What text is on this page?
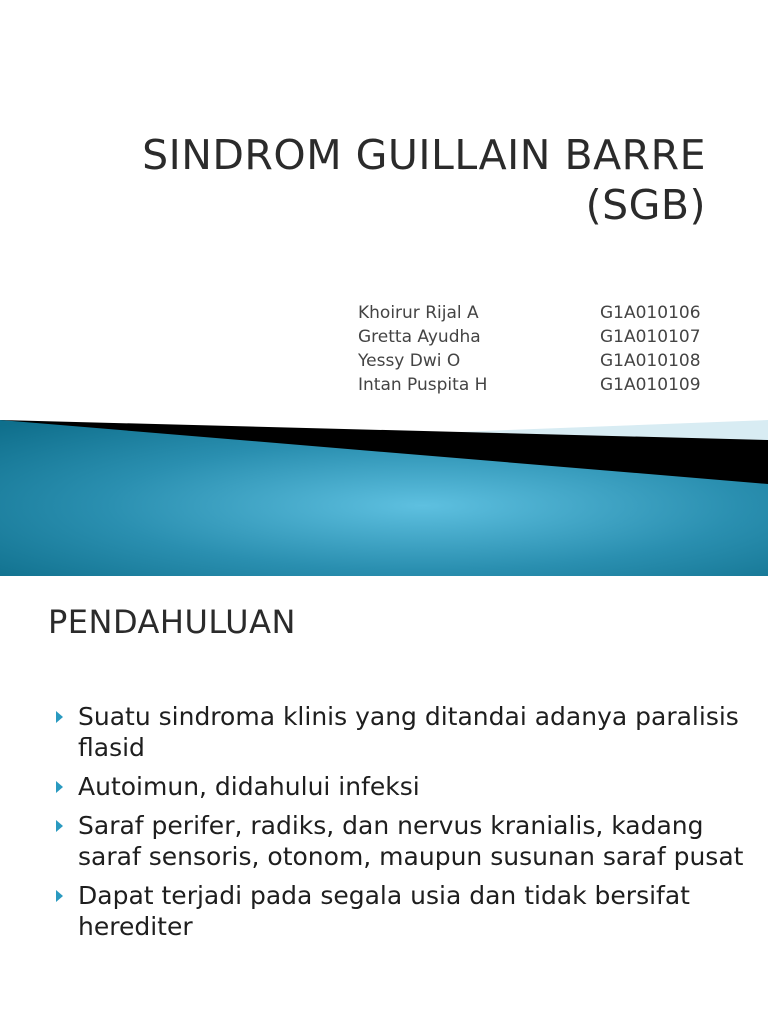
SINDROM GUILLAIN BARRE
(SGB)
Khoirur Rijal A	G1A010106
Gretta Ayudha	G1A010107
Yessy Dwi O	G1A010108
Intan Puspita H	G1A010109
PENDAHULUAN
Suatu sindroma klinis yang ditandai adanya paralisis flasid
Autoimun, didahului infeksi
Saraf perifer, radiks, dan nervus kranialis, kadang saraf sensoris, otonom, maupun susunan saraf pusat
Dapat terjadi pada segala usia dan tidak bersifat herediter
